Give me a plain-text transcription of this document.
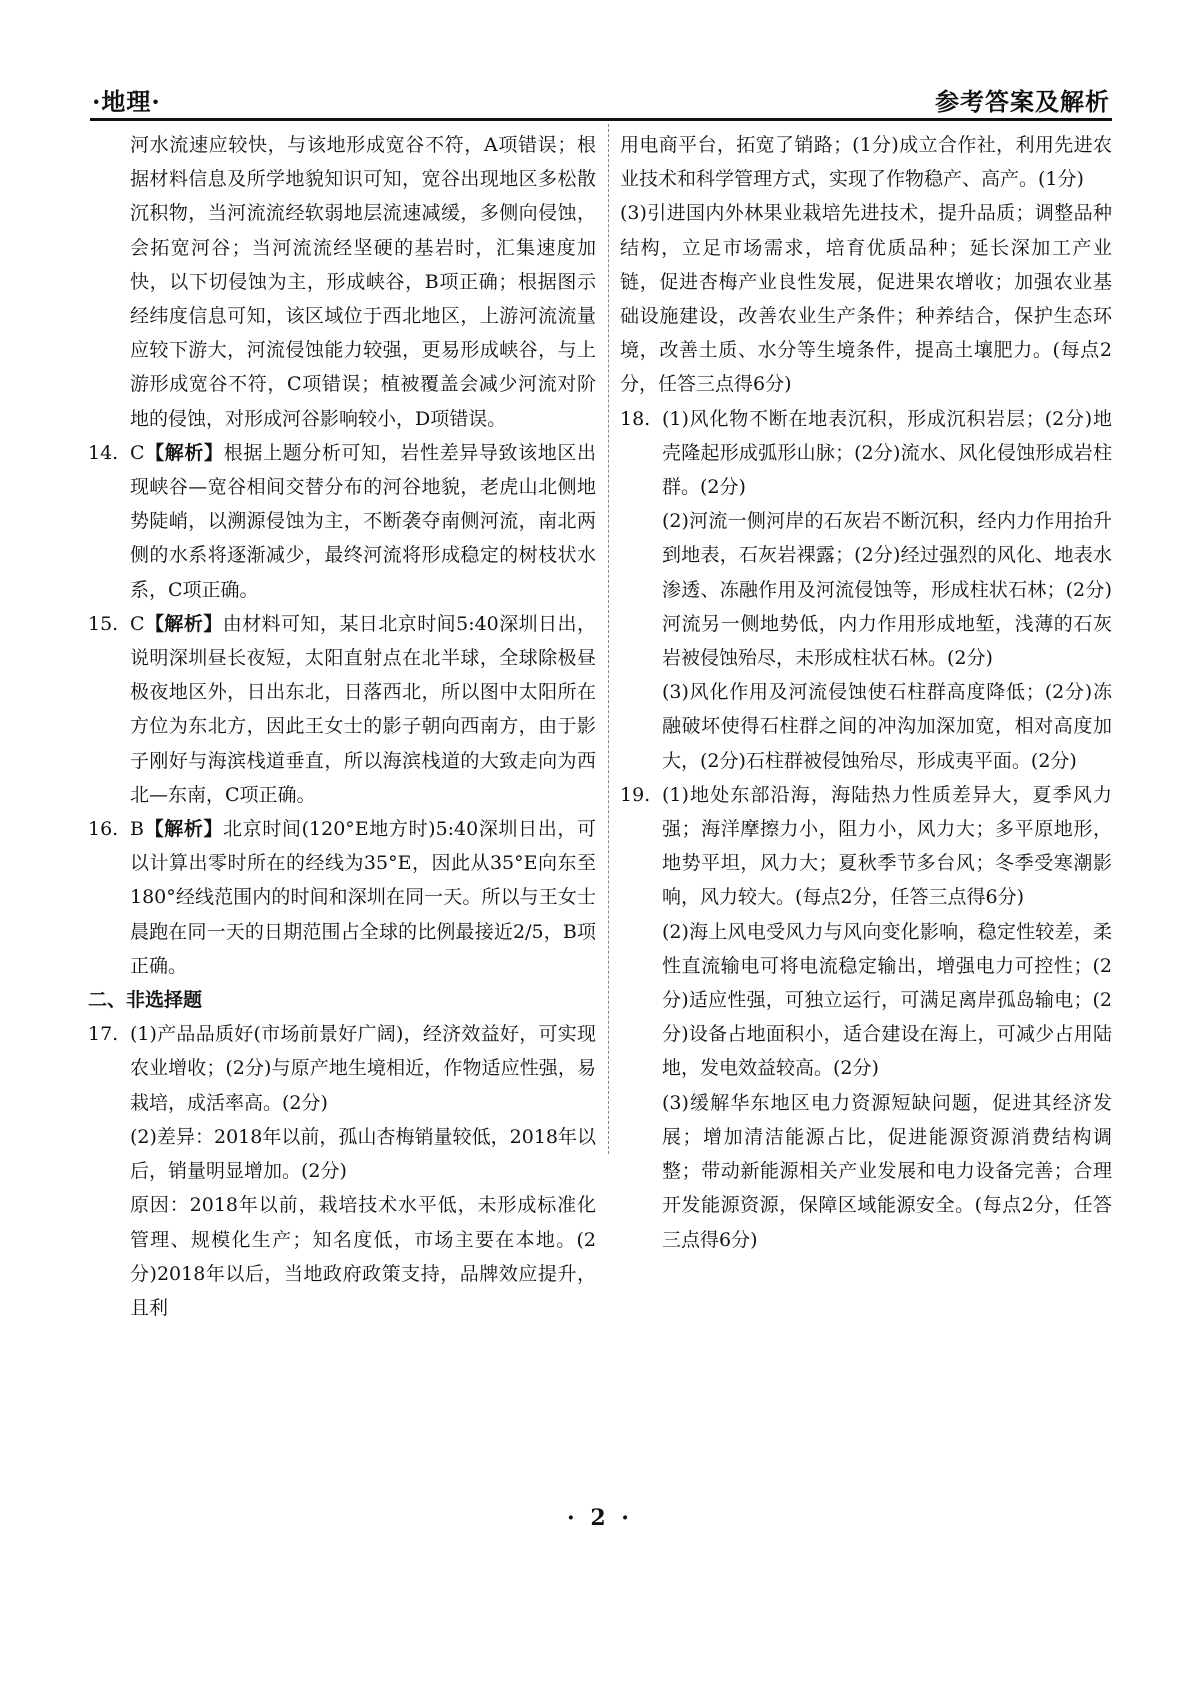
·地理·	参考答案及解析
河水流速应较快，与该地形成宽谷不符，A项错误；根据材料信息及所学地貌知识可知，宽谷出现地区多松散沉积物，当河流流经软弱地层流速减缓，多侧向侵蚀，会拓宽河谷；当河流流经坚硬的基岩时，汇集速度加快，以下切侵蚀为主，形成峡谷，B项正确；根据图示经纬度信息可知，该区域位于西北地区，上游河流流量应较下游大，河流侵蚀能力较强，更易形成峡谷，与上游形成宽谷不符，C项错误；植被覆盖会减少河流对阶地的侵蚀，对形成河谷影响较小，D项错误。
14. C【解析】根据上题分析可知，岩性差异导致该地区出现峡谷—宽谷相间交替分布的河谷地貌，老虎山北侧地势陡峭，以溯源侵蚀为主，不断袭夺南侧河流，南北两侧的水系将逐渐减少，最终河流将形成稳定的树枝状水系，C项正确。
15. C【解析】由材料可知，某日北京时间5:40深圳日出，说明深圳昼长夜短，太阳直射点在北半球，全球除极昼极夜地区外，日出东北，日落西北，所以图中太阳所在方位为东北方，因此王女士的影子朝向西南方，由于影子刚好与海滨栈道垂直，所以海滨栈道的大致走向为西北—东南，C项正确。
16. B【解析】北京时间(120°E地方时)5:40深圳日出，可以计算出零时所在的经线为35°E，因此从35°E向东至180°经线范围内的时间和深圳在同一天。所以与王女士晨跑在同一天的日期范围占全球的比例最接近2/5，B项正确。
二、非选择题
17. (1)产品品质好(市场前景好广阔)，经济效益好，可实现农业增收；(2分)与原产地生境相近，作物适应性强，易栽培，成活率高。(2分)
(2)差异：2018年以前，孤山杏梅销量较低，2018年以后，销量明显增加。(2分)
原因：2018年以前，栽培技术水平低，未形成标准化管理、规模化生产；知名度低，市场主要在本地。(2分)2018年以后，当地政府政策支持，品牌效应提升，且利
用电商平台，拓宽了销路；(1分)成立合作社，利用先进农业技术和科学管理方式，实现了作物稳产、高产。(1分)
(3)引进国内外林果业栽培先进技术，提升品质；调整品种结构，立足市场需求，培育优质品种；延长深加工产业链，促进杏梅产业良性发展，促进果农增收；加强农业基础设施建设，改善农业生产条件；种养结合，保护生态环境，改善土质、水分等生境条件，提高土壤肥力。(每点2分，任答三点得6分)
18. (1)风化物不断在地表沉积，形成沉积岩层；(2分)地壳隆起形成弧形山脉；(2分)流水、风化侵蚀形成岩柱群。(2分)
(2)河流一侧河岸的石灰岩不断沉积，经内力作用抬升到地表，石灰岩裸露；(2分)经过强烈的风化、地表水渗透、冻融作用及河流侵蚀等，形成柱状石林；(2分)河流另一侧地势低，内力作用形成地堑，浅薄的石灰岩被侵蚀殆尽，未形成柱状石林。(2分)
(3)风化作用及河流侵蚀使石柱群高度降低；(2分)冻融破坏使得石柱群之间的冲沟加深加宽，相对高度加大，(2分)石柱群被侵蚀殆尽，形成夷平面。(2分)
19. (1)地处东部沿海，海陆热力性质差异大，夏季风力强；海洋摩擦力小，阻力小，风力大；多平原地形，地势平坦，风力大；夏秋季节多台风；冬季受寒潮影响，风力较大。(每点2分，任答三点得6分)
(2)海上风电受风力与风向变化影响，稳定性较差，柔性直流输电可将电流稳定输出，增强电力可控性；(2分)适应性强，可独立运行，可满足离岸孤岛输电；(2分)设备占地面积小，适合建设在海上，可减少占用陆地，发电效益较高。(2分)
(3)缓解华东地区电力资源短缺问题，促进其经济发展；增加清洁能源占比，促进能源资源消费结构调整；带动新能源相关产业发展和电力设备完善；合理开发能源资源，保障区域能源安全。(每点2分，任答三点得6分)
· 2 ·
